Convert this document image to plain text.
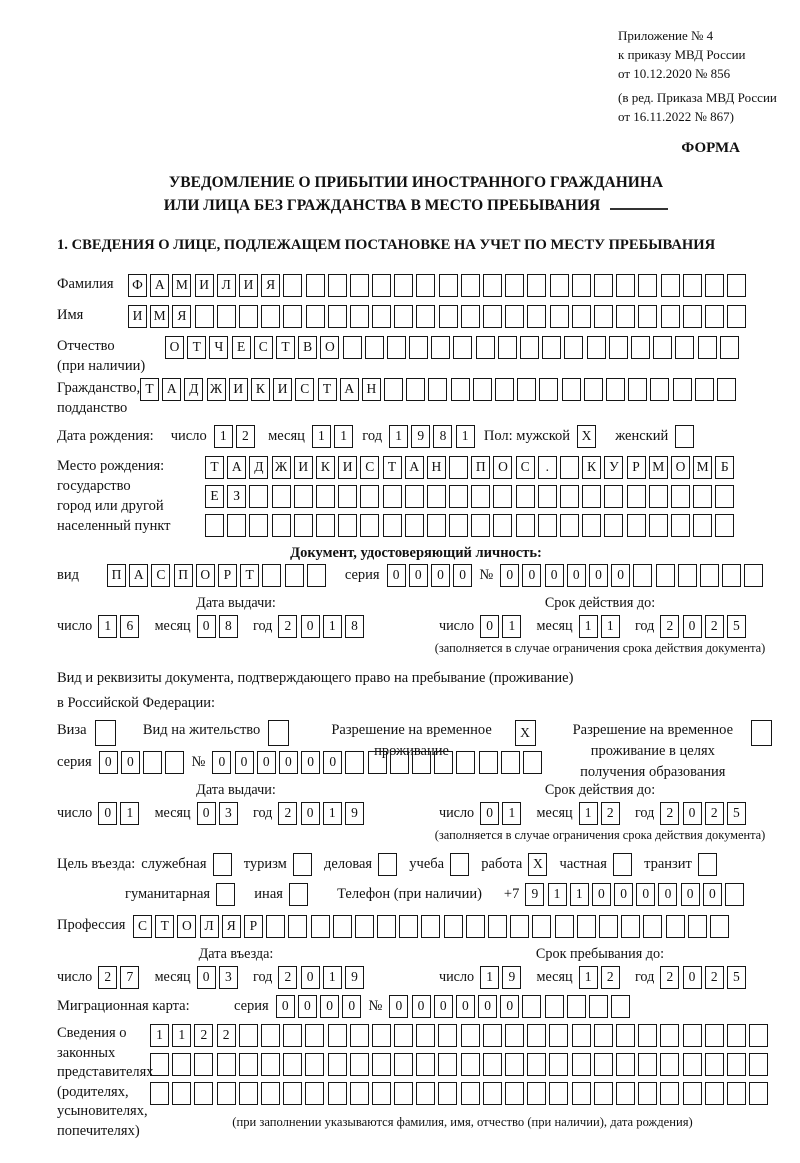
Приложение № 4
к приказу МВД России
от 10.12.2020 № 856
(в ред. Приказа МВД России
от 16.11.2022 № 867)
ФОРМА
УВЕДОМЛЕНИЕ О ПРИБЫТИИ ИНОСТРАННОГО ГРАЖДАНИНА
ИЛИ ЛИЦА БЕЗ ГРАЖДАНСТВА В МЕСТО ПРЕБЫВАНИЯ
1. СВЕДЕНИЯ О ЛИЦЕ, ПОДЛЕЖАЩЕМ ПОСТАНОВКЕ НА УЧЕТ ПО МЕСТУ ПРЕБЫВАНИЯ
Фамилия	Ф А М И Л И Я
Имя	И М Я
Отчество
(при наличии)
О Т	Ч	Е	С	Т	В О
Гражданство,
подданство
Т А Д Ж И К И С	Т А Н
Дата рождения: число 1	2	месяц 1	1	год 1	9	8	1	Пол: мужской X	женский
Место рождения:
государство
город или другой
населенный пункт
Т А Д Ж И К И С	Т А Н	П О С	.	К У	Р М О М Б

Е	З

Документ, удостоверяющий личность:
вид	П А С П О	Р	Т	серия 0	0	0	0 № 0	0	0	0	0	0
Дата выдачи:
число 1	6	месяц 0	8	год 2	0	1	8
Срок действия до:
число 0	1	месяц 1	1	год 2	0	2	5
(заполняется в случае ограничения срока действия документа)
Вид и реквизиты документа, подтверждающего право на пребывание (проживание)
в Российской Федерации:
Виза	Вид на жительство	Разрешение на временное
проживание
X	Разрешение на временное
проживание в целях
получения образования
серия 0	0	№ 0	0	0	0	0	0
Дата выдачи:
число 0	1	месяц 0	3	год 2	0	1	9
Срок действия до:
число 0	1	месяц 1	2	год 2	0	2	5
(заполняется в случае ограничения срока действия документа)
Цель въезда: служебная	туризм	деловая	учеба	работа X	частная	транзит
гуманитарная	иная	Телефон (при наличии) +7 9	1	1	0	0	0	0	0	0
Профессия С	Т О Л Я	Р
Дата въезда:
число 2	7	месяц 0	3	год 2	0	1	9
Срок пребывания до:
число 1	9	месяц 1	2	год 2	0	2	5
Миграционная карта:	серия 0	0	0	0 № 0	0	0	0	0	0
Сведения о
законных
представителях
(родителях,
усыновителях,
попечителях)
1	1	2	2

(при заполнении указываются фамилия, имя, отчество (при наличии), дата рождения)
